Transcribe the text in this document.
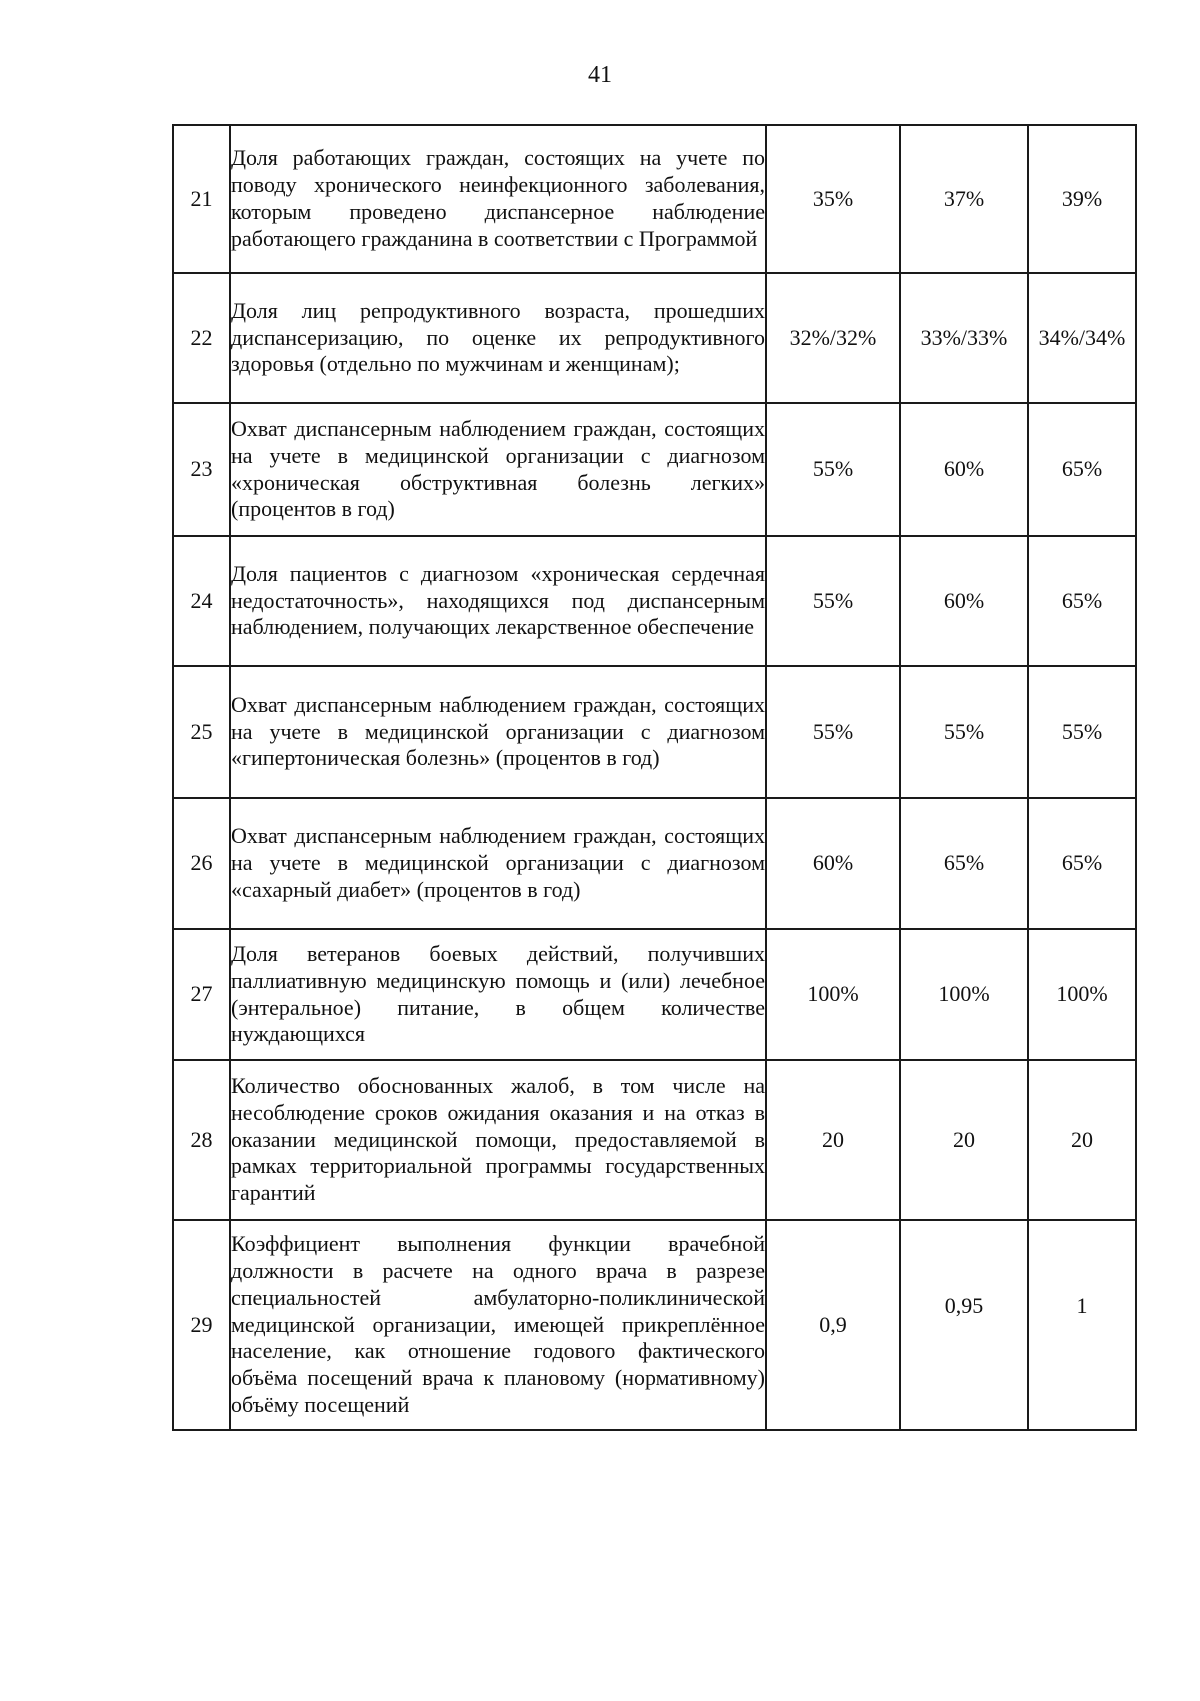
41
21	Доля работающих граждан, состоящих на учете по поводу хронического неинфекционного заболевания, которым проведено диспансерное наблюдение работающего гражданина в соответствии с Программой	35%	37%	39%
22	Доля лиц репродуктивного возраста, прошедших диспансеризацию, по оценке их репродуктивного здоровья (отдельно по мужчинам и женщинам);	32%/32%	33%/33%	34%/34%
23	Охват диспансерным наблюдением граждан, состоящих на учете в медицинской организации с диагнозом «хроническая обструктивная болезнь легких» (процентов в год)	55%	60%	65%
24	Доля пациентов с диагнозом «хроническая сердечная недостаточность», находящихся под диспансерным наблюдением, получающих лекарственное обеспечение	55%	60%	65%
25	Охват диспансерным наблюдением граждан, состоящих на учете в медицинской организации с диагнозом «гипертоническая болезнь» (процентов в год)	55%	55%	55%
26	Охват диспансерным наблюдением граждан, состоящих на учете в медицинской организации с диагнозом «сахарный диабет» (процентов в год)	60%	65%	65%
27	Доля ветеранов боевых действий, получивших паллиативную медицинскую помощь и (или) лечебное (энтеральное) питание, в общем количестве нуждающихся	100%	100%	100%
28	Количество обоснованных жалоб, в том числе на несоблюдение сроков ожидания оказания и на отказ в оказании медицинской помощи, предоставляемой в рамках территориальной программы государственных гарантий	20	20	20
29	Коэффициент выполнения функции врачебной должности в расчете на одного врача в разрезе специальностей амбулаторно-поликлинической медицинской организации, имеющей прикреплённое население, как отношение годового фактического объёма посещений врача к плановому (нормативному) объёму посещений	0,9	0,95	1
